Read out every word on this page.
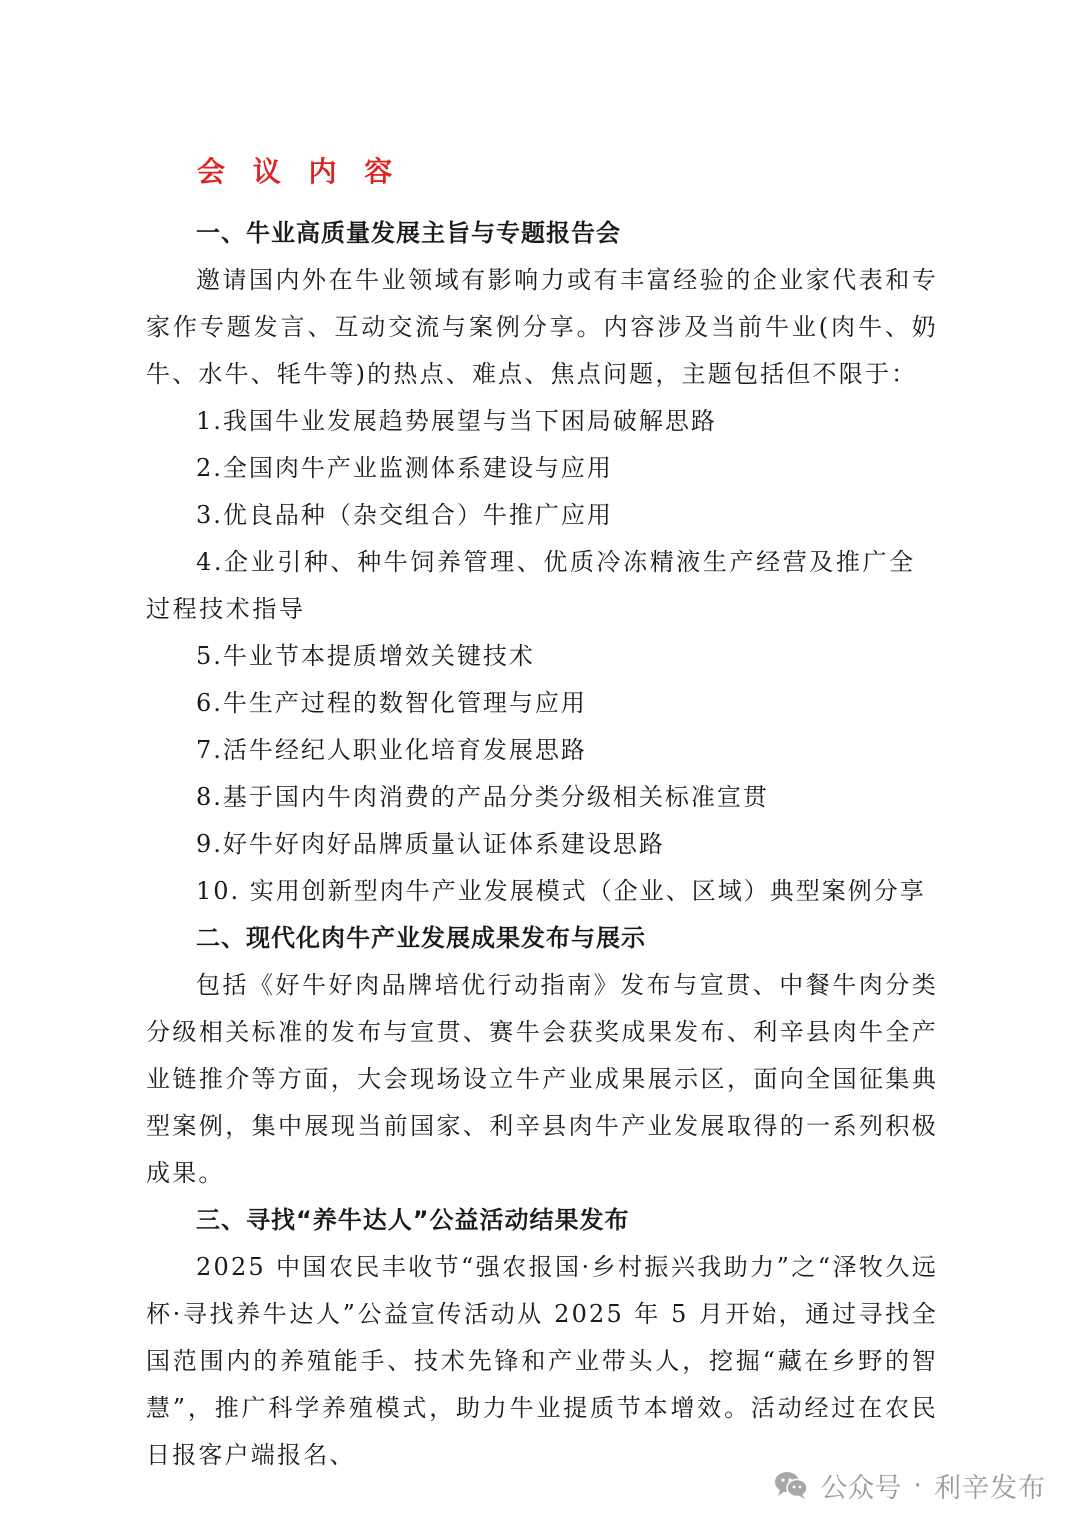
会 议 内 容

一、牛业高质量发展主旨与专题报告会

邀请国内外在牛业领域有影响力或有丰富经验的企业家代表和专家作专题发言、互动交流与案例分享。内容涉及当前牛业(肉牛、奶牛、水牛、牦牛等)的热点、难点、焦点问题，主题包括但不限于：

1.我国牛业发展趋势展望与当下困局破解思路

2.全国肉牛产业监测体系建设与应用

3.优良品种（杂交组合）牛推广应用

4.企业引种、种牛饲养管理、优质冷冻精液生产经营及推广全过程技术指导

5.牛业节本提质增效关键技术

6.牛生产过程的数智化管理与应用

7.活牛经纪人职业化培育发展思路

8.基于国内牛肉消费的产品分类分级相关标准宣贯

9.好牛好肉好品牌质量认证体系建设思路

10. 实用创新型肉牛产业发展模式（企业、区域）典型案例分享

二、现代化肉牛产业发展成果发布与展示

包括《好牛好肉品牌培优行动指南》发布与宣贯、中餐牛肉分类分级相关标准的发布与宣贯、赛牛会获奖成果发布、利辛县肉牛全产业链推介等方面，大会现场设立牛产业成果展示区，面向全国征集典型案例，集中展现当前国家、利辛县肉牛产业发展取得的一系列积极成果。

三、寻找“养牛达人”公益活动结果发布

2025 中国农民丰收节“强农报国·乡村振兴我助力”之“泽牧久远杯·寻找养牛达人”公益宣传活动从 2025 年 5 月开始，通过寻找全国范围内的养殖能手、技术先锋和产业带头人，挖掘“藏在乡野的智慧”，推广科学养殖模式，助力牛业提质节本增效。活动经过在农民日报客户端报名、

公众号 · 利辛发布
